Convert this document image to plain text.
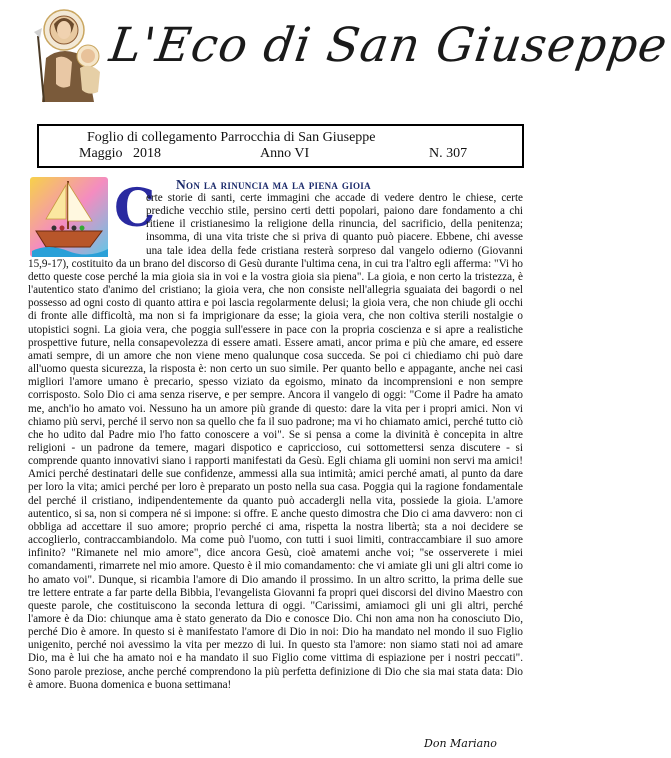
L'Eco di San Giuseppe
Foglio di collegamento Parrocchia di San Giuseppe
Maggio 2018	Anno VI	N. 307
Non la rinuncia ma la piena gioia
C
erte storie di santi, certe immagini che accade di vedere dentro le chiese, certe prediche vecchio stile, persino certi detti popolari, paiono dare fondamento a chi ritiene il cristianesimo la religione della rinuncia, del sacrificio, della penitenza; insomma, di una vita triste che si priva di quanto può piacere. Ebbene, chi avesse una tale idea della fede cristiana resterà sorpreso dal vangelo odierno (Giovanni 15,9-17), costituito da un brano del discorso di Gesù durante l'ultima cena, in cui tra l'altro egli afferma: "Vi ho detto queste cose perché la mia gioia sia in voi e la vostra gioia sia piena". La gioia, e non certo la tristezza, è l'autentico stato d'animo del cristiano; la gioia vera, che non consiste nell'allegria sguaiata dei bagordi o nel possesso ad ogni costo di quanto attira e poi lascia regolarmente delusi; la gioia vera, che non chiude gli occhi di fronte alle difficoltà, ma non si fa imprigionare da esse; la gioia vera, che non coltiva sterili nostalgie o utopistici sogni. La gioia vera, che poggia sull'essere in pace con la propria coscienza e si apre a realistiche prospettive future, nella consapevolezza di essere amati. Essere amati, ancor prima e più che amare, ed essere amati sempre, di un amore che non viene meno qualunque cosa succeda. Se poi ci chiediamo chi può dare all'uomo questa sicurezza, la risposta è: non certo un suo simile. Per quanto bello e appagante, anche nei casi migliori l'amore umano è precario, spesso viziato da egoismo, minato da incomprensioni e non sempre corrisposto. Solo Dio ci ama senza riserve, e per sempre. Ancora il vangelo di oggi: "Come il Padre ha amato me, anch'io ho amato voi. Nessuno ha un amore più grande di questo: dare la vita per i propri amici. Non vi chiamo più servi, perché il servo non sa quello che fa il suo padrone; ma vi ho chiamato amici, perché tutto ciò che ho udito dal Padre mio l'ho fatto conoscere a voi". Se si pensa a come la divinità è concepita in altre religioni - un padrone da temere, magari dispotico e capriccioso, cui sottomettersi senza discutere - si comprende quanto innovativi siano i rapporti manifestati da Gesù. Egli chiama gli uomini non servi ma amici! Amici perché destinatari delle sue confidenze, ammessi alla sua intimità; amici perché amati, al punto da dare per loro la vita; amici perché per loro è preparato un posto nella sua casa. Poggia qui la ragione fondamentale del perché il cristiano, indipendentemente da quanto può accadergli nella vita, possiede la gioia. L'amore autentico, si sa, non si compera né si impone: si offre. E anche questo dimostra che Dio ci ama davvero: non ci obbliga ad accettare il suo amore; proprio perché ci ama, rispetta la nostra libertà; sta a noi decidere se accoglierlo, contraccambiandolo. Ma come può l'uomo, con tutti i suoi limiti, contraccambiare il suo amore infinito? "Rimanete nel mio amore", dice ancora Gesù, cioè amatemi anche voi; "se osserverete i miei comandamenti, rimarrete nel mio amore. Questo è il mio comandamento: che vi amiate gli uni gli altri come io ho amato voi". Dunque, si ricambia l'amore di Dio amando il prossimo. In un altro scritto, la prima delle sue tre lettere entrate a far parte della Bibbia, l'evangelista Giovanni fa propri quei discorsi del divino Maestro con queste parole, che costituiscono la seconda lettura di oggi. "Carissimi, amiamoci gli uni gli altri, perché l'amore è da Dio: chiunque ama è stato generato da Dio e conosce Dio. Chi non ama non ha conosciuto Dio, perché Dio è amore. In questo si è manifestato l'amore di Dio in noi: Dio ha mandato nel mondo il suo Figlio unigenito, perché noi avessimo la vita per mezzo di lui. In questo sta l'amore: non siamo stati noi ad amare Dio, ma è lui che ha amato noi e ha mandato il suo Figlio come vittima di espiazione per i nostri peccati". Sono parole preziose, anche perché comprendono la più perfetta definizione di Dio che sia mai stata data: Dio è amore. Buona domenica e buona settimana!
Don Mariano
